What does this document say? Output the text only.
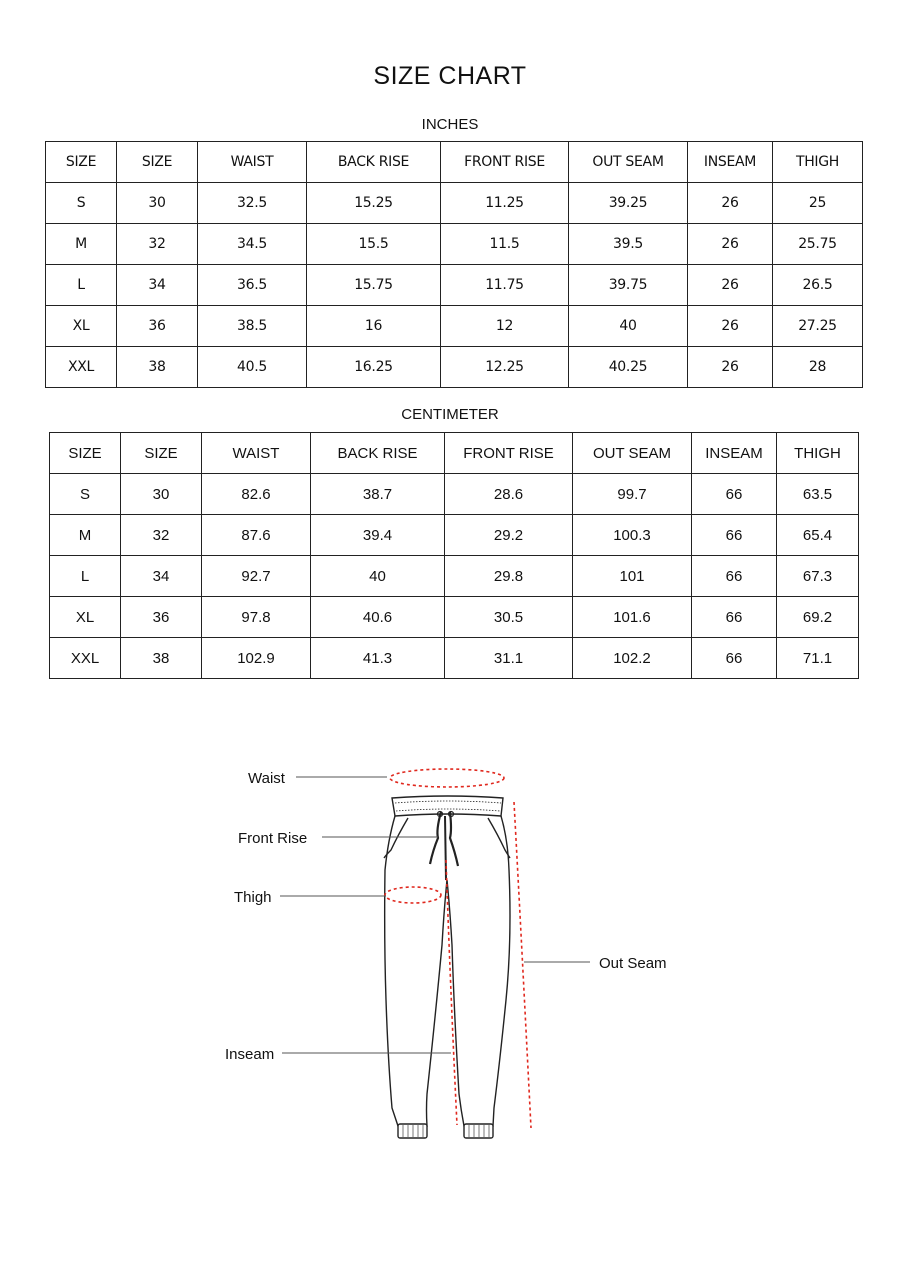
SIZE CHART
INCHES
SIZE	SIZE	WAIST	BACK RISE	FRONT RISE	OUT SEAM	INSEAM	THIGH
S	30	32.5	15.25	11.25	39.25	26	25
M	32	34.5	15.5	11.5	39.5	26	25.75
L	34	36.5	15.75	11.75	39.75	26	26.5
XL	36	38.5	16	12	40	26	27.25
XXL	38	40.5	16.25	12.25	40.25	26	28
CENTIMETER
SIZE	SIZE	WAIST	BACK RISE	FRONT RISE	OUT SEAM	INSEAM	THIGH
S	30	82.6	38.7	28.6	99.7	66	63.5
M	32	87.6	39.4	29.2	100.3	66	65.4
L	34	92.7	40	29.8	101	66	67.3
XL	36	97.8	40.6	30.5	101.6	66	69.2
XXL	38	102.9	41.3	31.1	102.2	66	71.1
Waist
Front Rise
Thigh
Out Seam
Inseam
